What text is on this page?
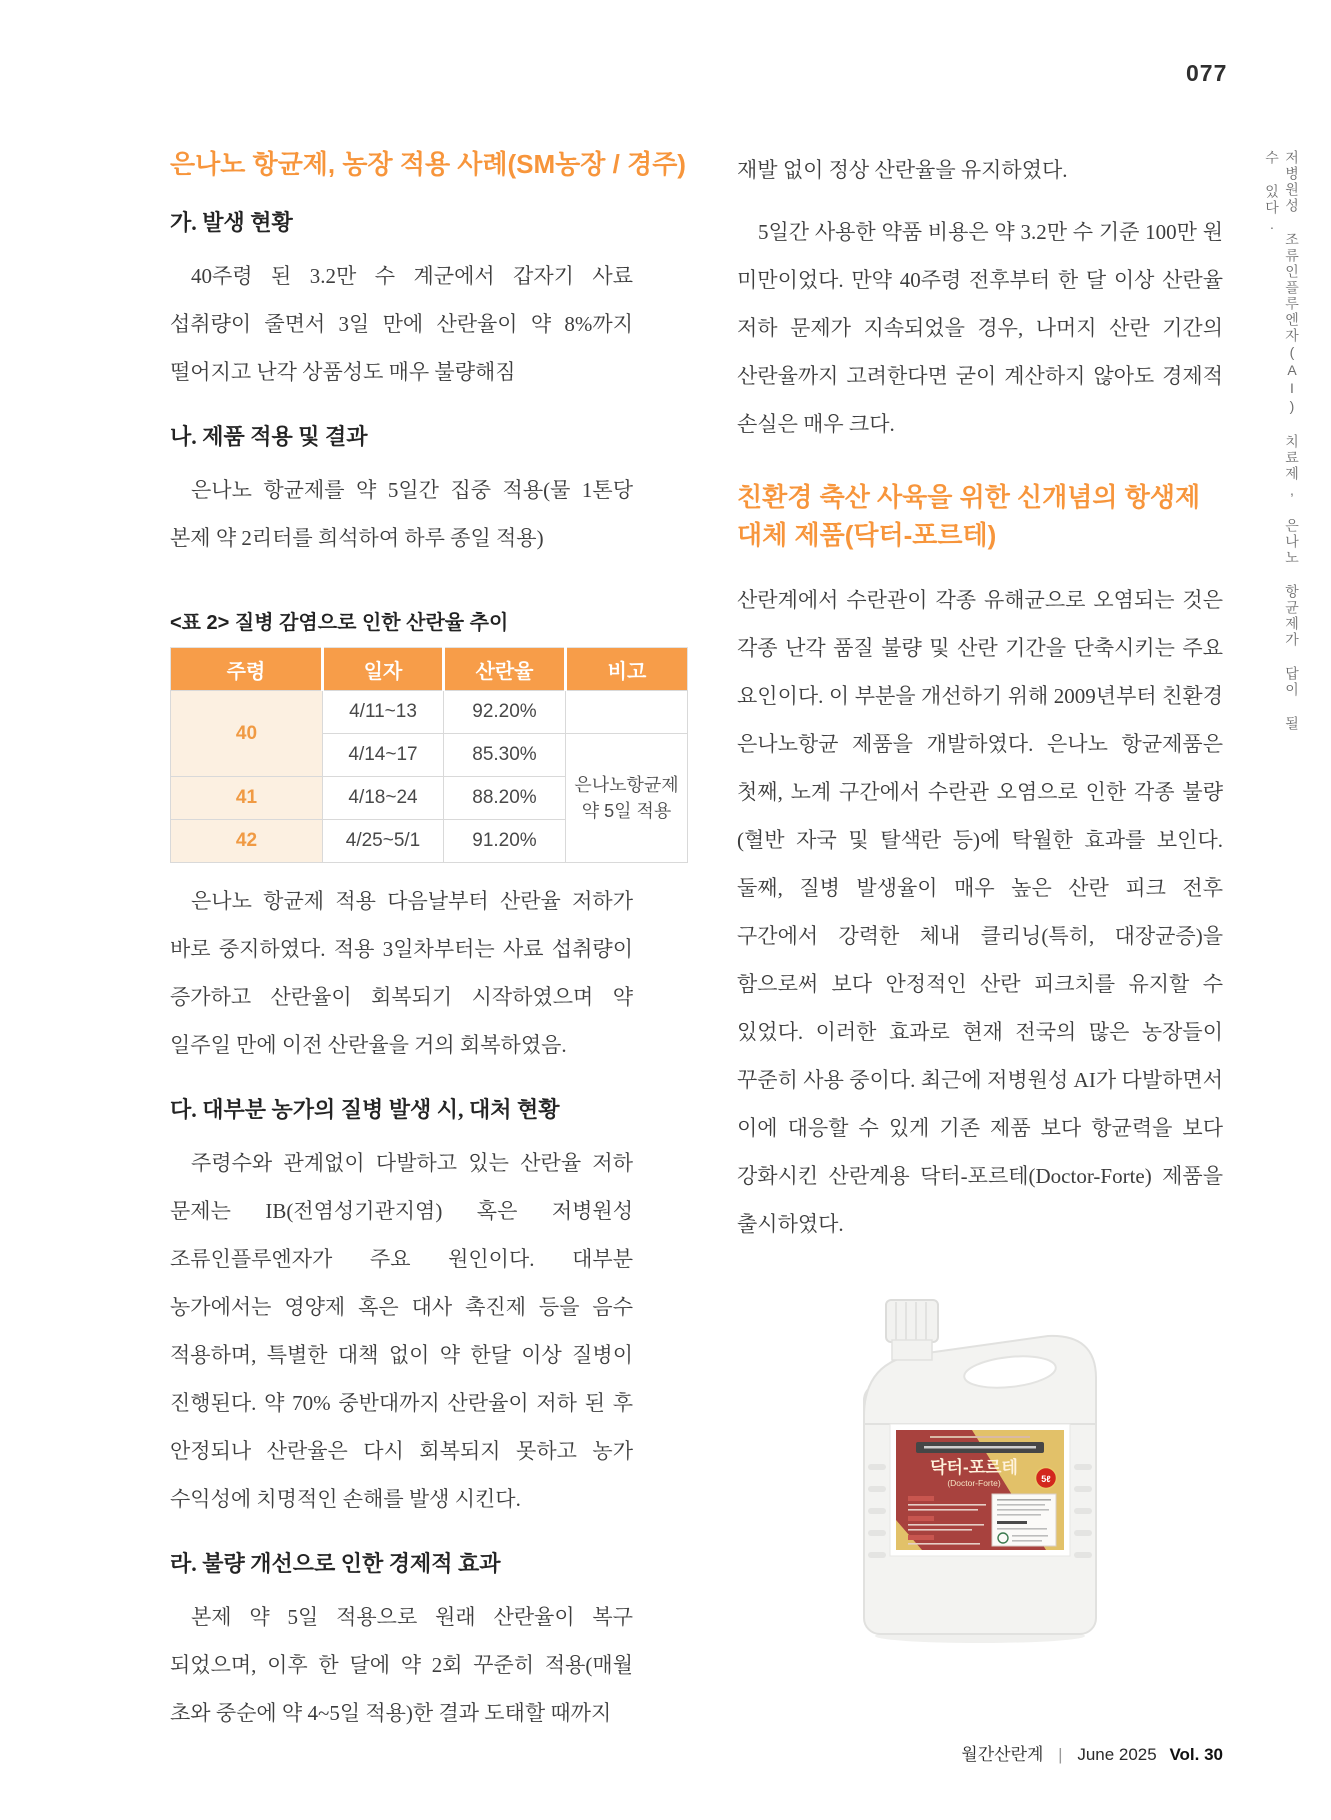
077
은나노 항균제, 농장 적용 사례(SM농장 / 경주)
가. 발생 현황

40주령 된 3.2만 수 계군에서 갑자기 사료 섭취량이 줄면서 3일 만에 산란율이 약 8%까지 떨어지고 난각 상품성도 매우 불량해짐

나. 제품 적용 및 결과

은나노 항균제를 약 5일간 집중 적용(물 1톤당 본제 약 2리터를 희석하여 하루 종일 적용)

<표 2> 질병 감염으로 인한 산란율 추이
주령	일자	산란율	비고
40	4/11~13	92.20%	
	4/14~17	85.30%	은나노항균제 약 5일 적용
41	4/18~24	88.20%	
42	4/25~5/1	91.20%	

은나노 항균제 적용 다음날부터 산란율 저하가 바로 중지하였다. 적용 3일차부터는 사료 섭취량이 증가하고 산란율이 회복되기 시작하였으며 약 일주일 만에 이전 산란율을 거의 회복하였음.

다. 대부분 농가의 질병 발생 시, 대처 현황

주령수와 관계없이 다발하고 있는 산란율 저하 문제는 IB(전염성기관지염) 혹은 저병원성 조류인플루엔자가 주요 원인이다. 대부분 농가에서는 영양제 혹은 대사 촉진제 등을 음수 적용하며, 특별한 대책 없이 약 한달 이상 질병이 진행된다. 약 70% 중반대까지 산란율이 저하 된 후 안정되나 산란율은 다시 회복되지 못하고 농가 수익성에 치명적인 손해를 발생 시킨다.

라. 불량 개선으로 인한 경제적 효과

본제 약 5일 적용으로 원래 산란율이 복구 되었으며, 이후 한 달에 약 2회 꾸준히 적용(매월 초와 중순에 약 4~5일 적용)한 결과 도태할 때까지

재발 없이 정상 산란율을 유지하였다.

5일간 사용한 약품 비용은 약 3.2만 수 기준 100만 원 미만이었다. 만약 40주령 전후부터 한 달 이상 산란율 저하 문제가 지속되었을 경우, 나머지 산란 기간의 산란율까지 고려한다면 굳이 계산하지 않아도 경제적 손실은 매우 크다.

친환경 축산 사육을 위한 신개념의 항생제 대체 제품(닥터-포르테)

산란계에서 수란관이 각종 유해균으로 오염되는 것은 각종 난각 품질 불량 및 산란 기간을 단축시키는 주요 요인이다. 이 부분을 개선하기 위해 2009년부터 친환경 은나노항균 제품을 개발하였다. 은나노 항균제품은 첫째, 노계 구간에서 수란관 오염으로 인한 각종 불량(혈반 자국 및 탈색란 등)에 탁월한 효과를 보인다. 둘째, 질병 발생율이 매우 높은 산란 피크 전후 구간에서 강력한 체내 클리닝(특히, 대장균증)을 함으로써 보다 안정적인 산란 피크치를 유지할 수 있었다. 이러한 효과로 현재 전국의 많은 농장들이 꾸준히 사용 중이다. 최근에 저병원성 AI가 다발하면서 이에 대응할 수 있게 기존 제품 보다 항균력을 보다 강화시킨 산란계용 닥터-포르테(Doctor-Forte) 제품을 출시하였다.

닥터-포르테
(Doctor-Forte)	5ℓ
저병원성 조류인플루엔자(AI) 치료제, 은나노 항균제가 답이 될 수 있다.
월간산란계 | June 2025 Vol. 30
